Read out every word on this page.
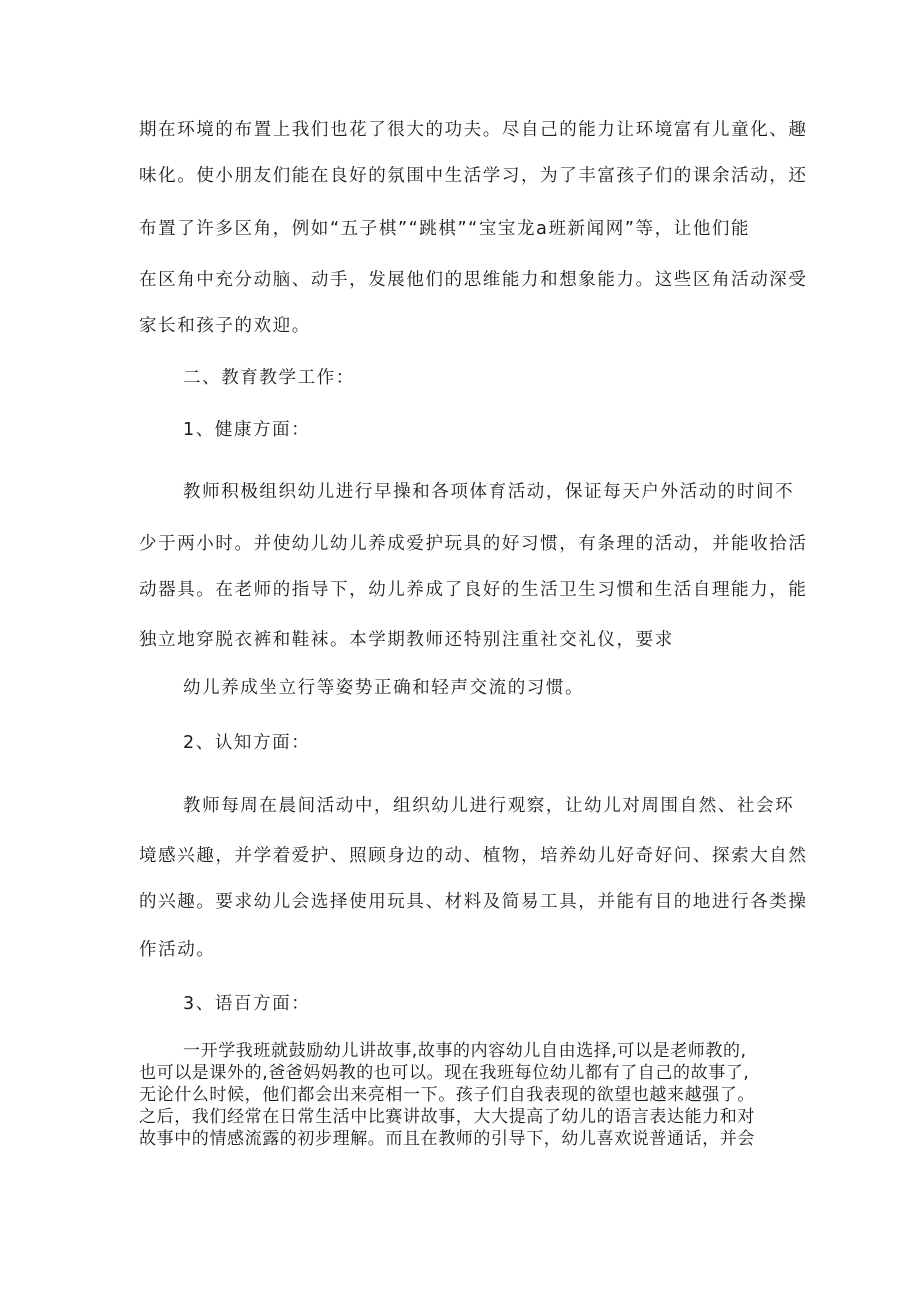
期在环境的布置上我们也花了很大的功夫。尽自己的能力让环境富有儿童化、趣

味化。使小朋友们能在良好的氛围中生活学习，为了丰富孩子们的课余活动，还

布置了许多区角，例如“五子棋”“跳棋”“宝宝龙a班新闻网”等，让他们能

在区角中充分动脑、动手，发展他们的思维能力和想象能力。这些区角活动深受

家长和孩子的欢迎。

二、教育教学工作：

1、健康方面：

教师积极组织幼儿进行早操和各项体育活动，保证每天户外活动的时间不

少于两小时。并使幼儿幼儿养成爱护玩具的好习惯，有条理的活动，并能收拾活

动器具。在老师的指导下，幼儿养成了良好的生活卫生习惯和生活自理能力，能

独立地穿脱衣裤和鞋袜。本学期教师还特别注重社交礼仪，要求

幼儿养成坐立行等姿势正确和轻声交流的习惯。

2、认知方面：

教师每周在晨间活动中，组织幼儿进行观察，让幼儿对周围自然、社会环

境感兴趣，并学着爱护、照顾身边的动、植物，培养幼儿好奇好问、探索大自然

的兴趣。要求幼儿会选择使用玩具、材料及简易工具，并能有目的地进行各类操

作活动。

3、语百方面：

一开学我班就鼓励幼儿讲故事,故事的内容幼儿自由选择,可以是老师教的,

也可以是课外的,爸爸妈妈教的也可以。现在我班每位幼儿都有了自己的故事了,

无论什么时候，他们都会出来亮相一下。孩子们自我表现的欲望也越来越强了。

之后，我们经常在日常生活中比赛讲故事，大大提高了幼儿的语言表达能力和对

故事中的情感流露的初步理解。而且在教师的引导下，幼儿喜欢说普通话，并会
